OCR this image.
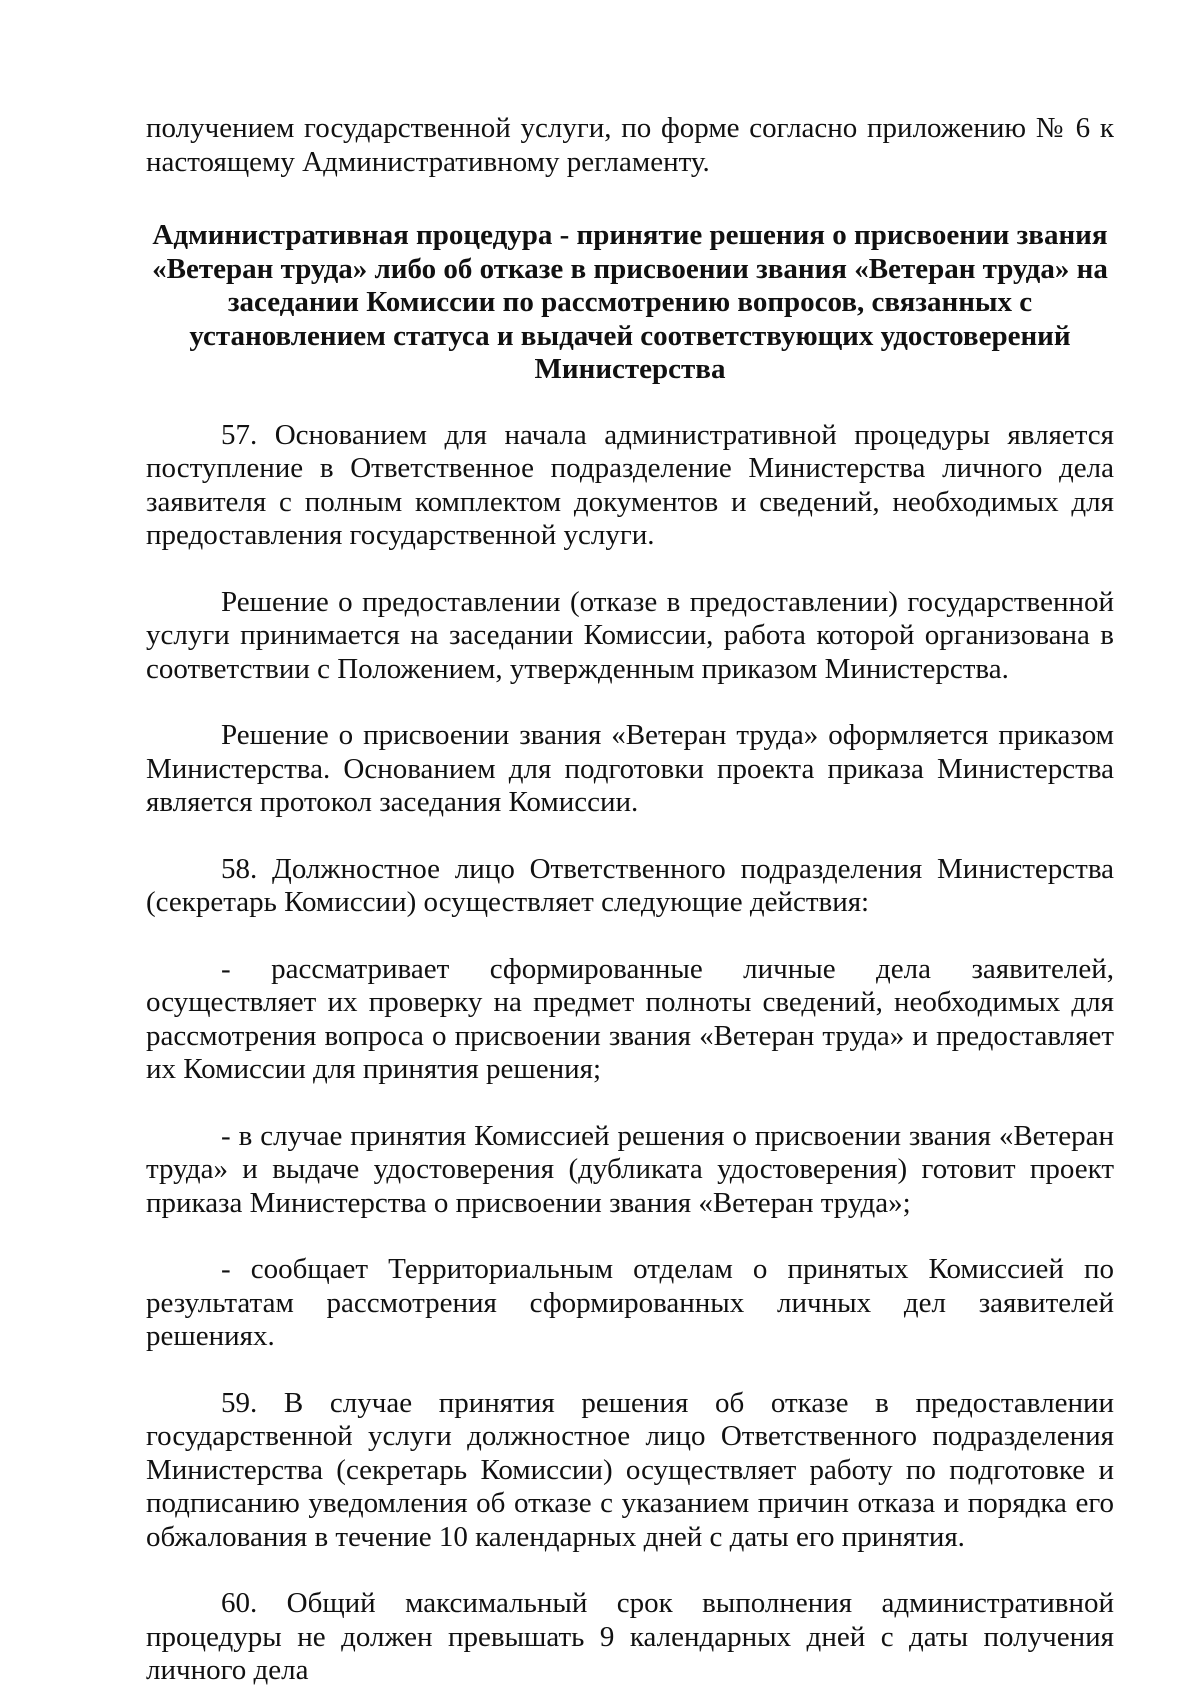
получением государственной услуги, по форме согласно приложению № 6 к настоящему Административному регламенту.

Административная процедура - принятие решения о присвоении звания «Ветеран труда» либо об отказе в присвоении звания «Ветеран труда» на заседании Комиссии по рассмотрению вопросов, связанных с установлением статуса и выдачей соответствующих удостоверений Министерства

57. Основанием для начала административной процедуры является поступление в Ответственное подразделение Министерства личного дела заявителя с полным комплектом документов и сведений, необходимых для предоставления государственной услуги.

Решение о предоставлении (отказе в предоставлении) государственной услуги принимается на заседании Комиссии, работа которой организована в соответствии с Положением, утвержденным приказом Министерства.

Решение о присвоении звания «Ветеран труда» оформляется приказом Министерства. Основанием для подготовки проекта приказа Министерства является протокол заседания Комиссии.

58. Должностное лицо Ответственного подразделения Министерства (секретарь Комиссии) осуществляет следующие действия:

- рассматривает сформированные личные дела заявителей, осуществляет их проверку на предмет полноты сведений, необходимых для рассмотрения вопроса о присвоении звания «Ветеран труда» и предоставляет их Комиссии для принятия решения;

- в случае принятия Комиссией решения о присвоении звания «Ветеран труда» и выдаче удостоверения (дубликата удостоверения) готовит проект приказа Министерства о присвоении звания «Ветеран труда»;

- сообщает Территориальным отделам о принятых Комиссией по результатам рассмотрения сформированных личных дел заявителей решениях.

59. В случае принятия решения об отказе в предоставлении государственной услуги должностное лицо Ответственного подразделения Министерства (секретарь Комиссии) осуществляет работу по подготовке и подписанию уведомления об отказе с указанием причин отказа и порядка его обжалования в течение 10 календарных дней с даты его принятия.

60. Общий максимальный срок выполнения административной процедуры не должен превышать 9 календарных дней с даты получения личного дела
